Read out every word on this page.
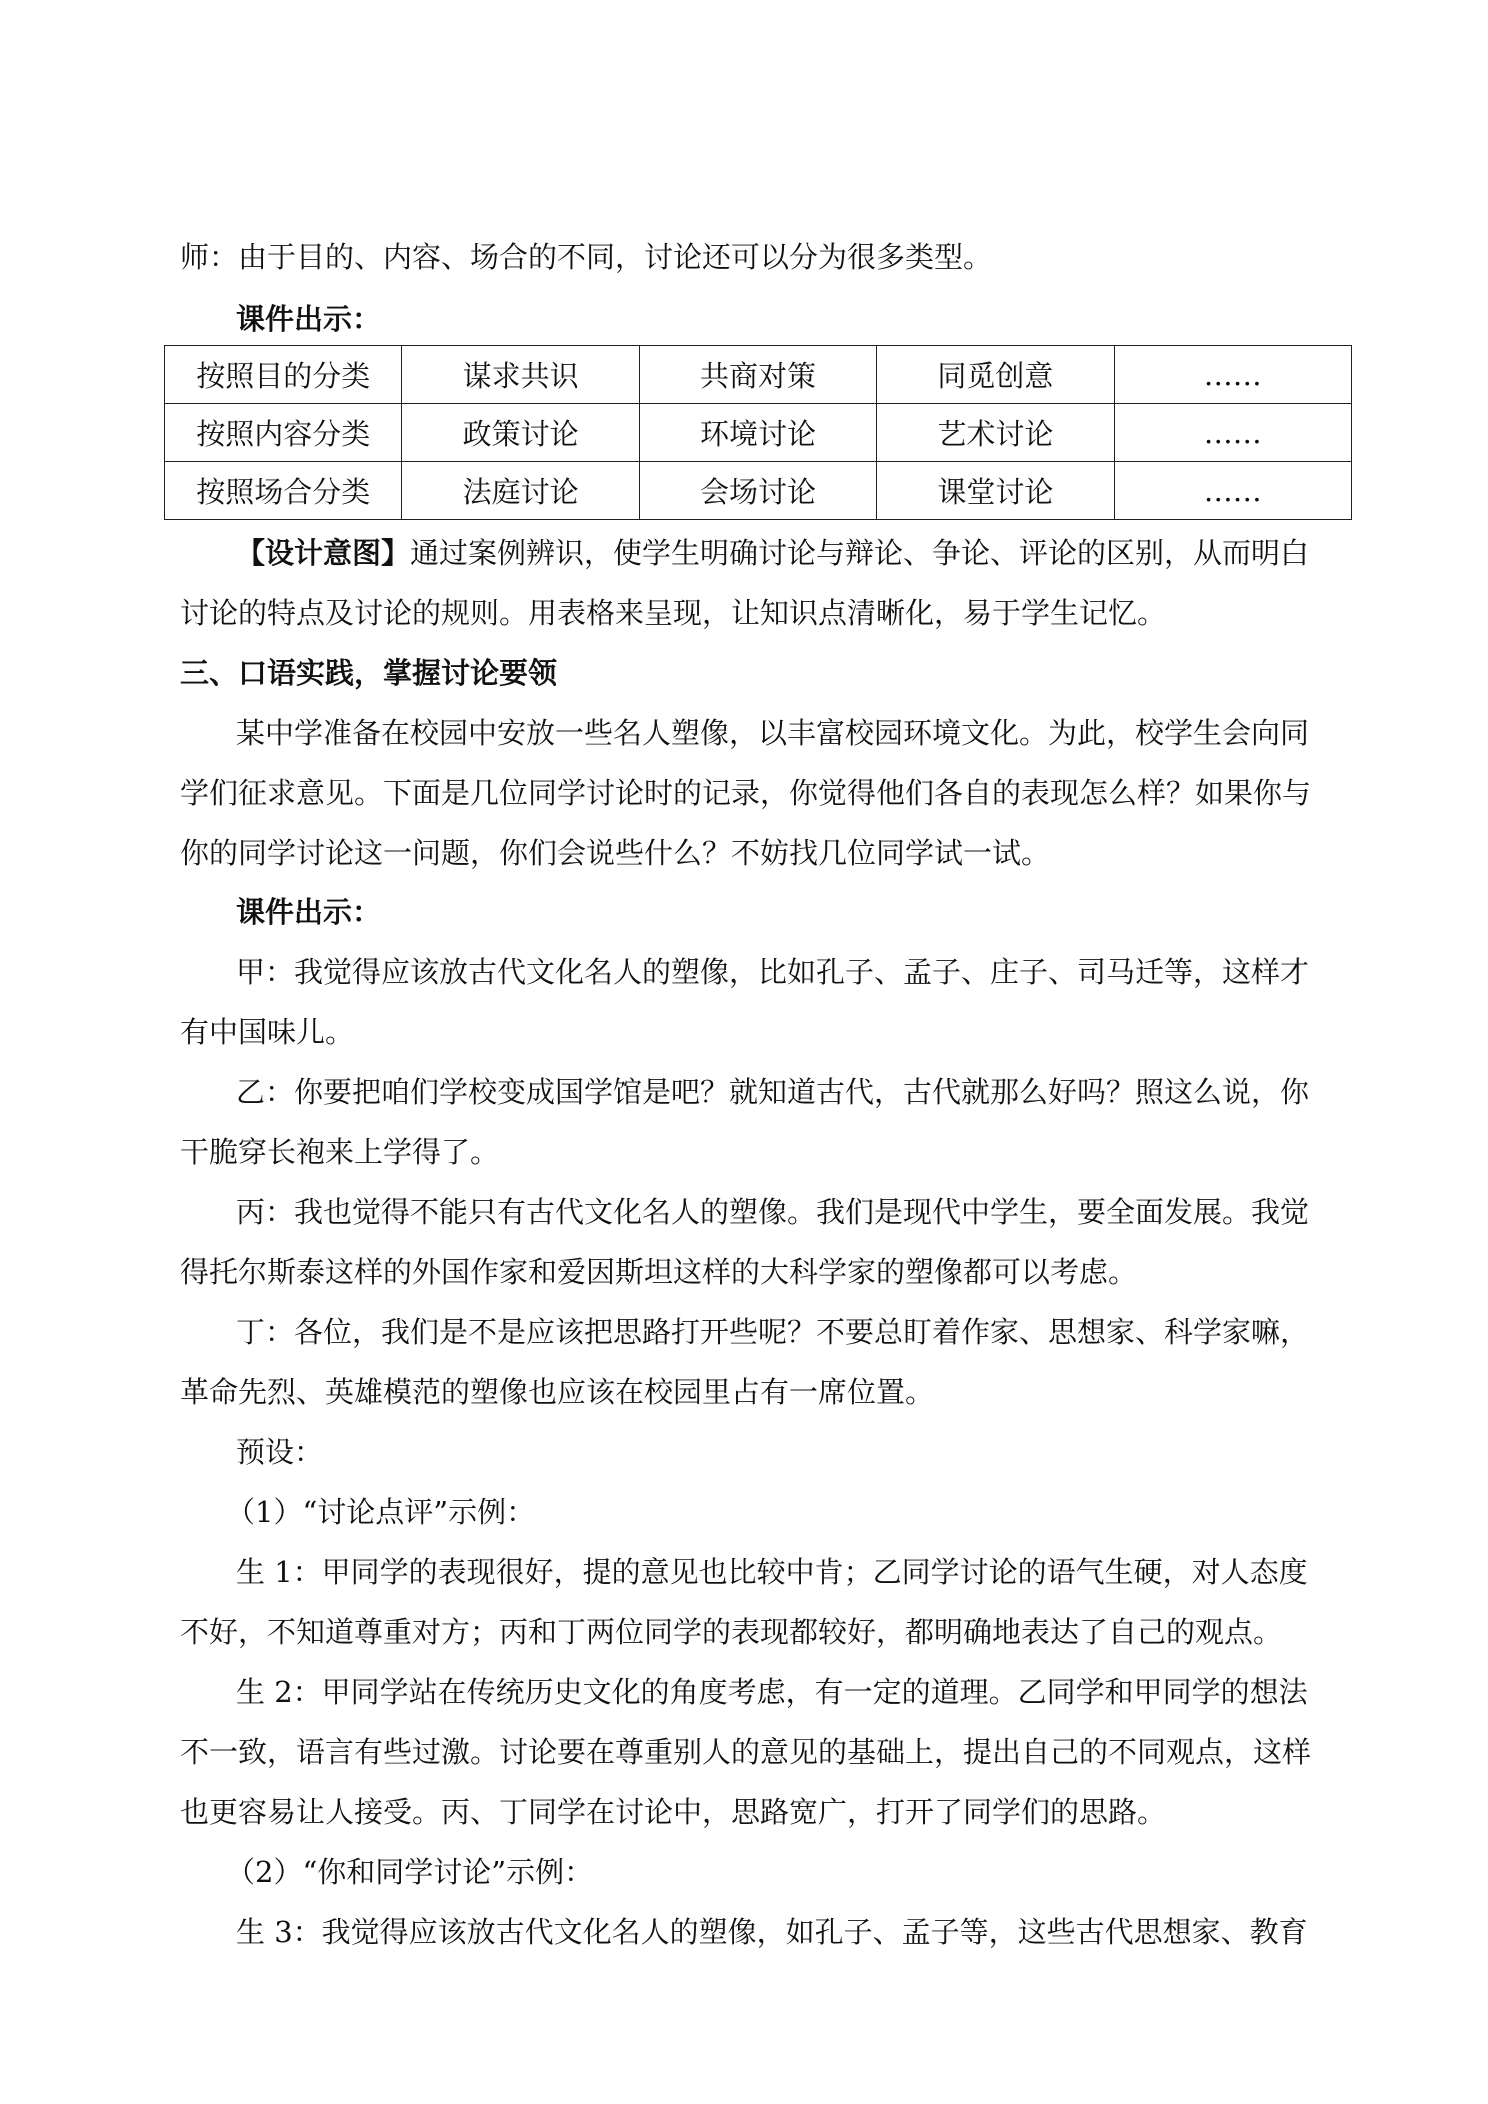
师：由于目的、内容、场合的不同，讨论还可以分为很多类型。
课件出示：
按照目的分类	谋求共识	共商对策	同觅创意	……
按照内容分类	政策讨论	环境讨论	艺术讨论	……
按照场合分类	法庭讨论	会场讨论	课堂讨论	……
【设计意图】通过案例辨识，使学生明确讨论与辩论、争论、评论的区别，从而明白
讨论的特点及讨论的规则。用表格来呈现，让知识点清晰化，易于学生记忆。
三、口语实践，掌握讨论要领
某中学准备在校园中安放一些名人塑像，以丰富校园环境文化。为此，校学生会向同
学们征求意见。下面是几位同学讨论时的记录，你觉得他们各自的表现怎么样？如果你与
你的同学讨论这一问题，你们会说些什么？不妨找几位同学试一试。
课件出示：
甲：我觉得应该放古代文化名人的塑像，比如孔子、孟子、庄子、司马迁等，这样才
有中国味儿。
乙：你要把咱们学校变成国学馆是吧？就知道古代，古代就那么好吗？照这么说，你
干脆穿长袍来上学得了。
丙：我也觉得不能只有古代文化名人的塑像。我们是现代中学生，要全面发展。我觉
得托尔斯泰这样的外国作家和爱因斯坦这样的大科学家的塑像都可以考虑。
丁：各位，我们是不是应该把思路打开些呢？不要总盯着作家、思想家、科学家嘛，
革命先烈、英雄模范的塑像也应该在校园里占有一席位置。
预设：
（1）“讨论点评”示例：
生 1：甲同学的表现很好，提的意见也比较中肯；乙同学讨论的语气生硬，对人态度
不好，不知道尊重对方；丙和丁两位同学的表现都较好，都明确地表达了自己的观点。
生 2：甲同学站在传统历史文化的角度考虑，有一定的道理。乙同学和甲同学的想法
不一致，语言有些过激。讨论要在尊重别人的意见的基础上，提出自己的不同观点，这样
也更容易让人接受。丙、丁同学在讨论中，思路宽广，打开了同学们的思路。
（2）“你和同学讨论”示例：
生 3：我觉得应该放古代文化名人的塑像，如孔子、孟子等，这些古代思想家、教育
